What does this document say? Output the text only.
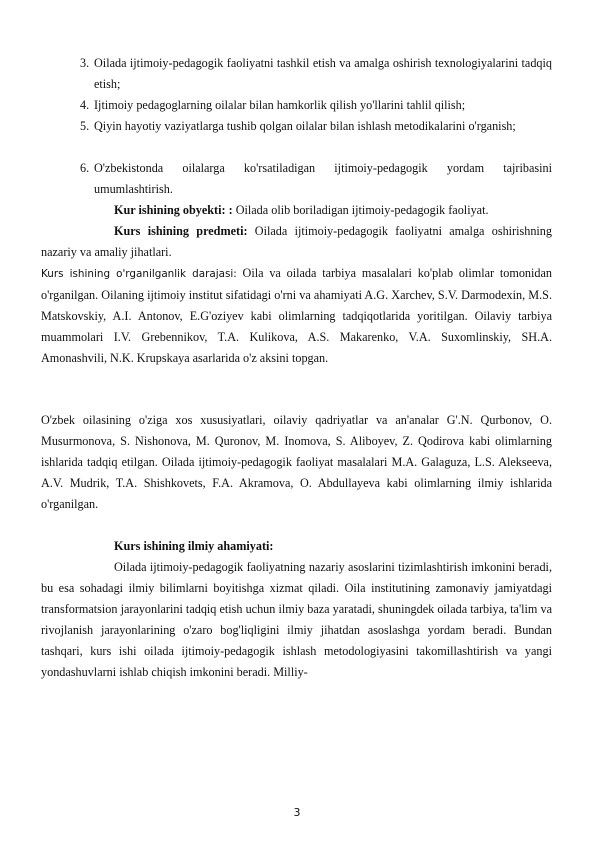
3. Oilada ijtimoiy-pedagogik faoliyatni tashkil etish va amalga oshirish texnologiyalarini tadqiq etish;

4. Ijtimoiy pedagoglarning oilalar bilan hamkorlik qilish yo'llarini tahlil qilish;

5. Qiyin hayotiy vaziyatlarga tushib qolgan oilalar bilan ishlash metodikalarini o'rganish;

6. O'zbekistonda oilalarga ko'rsatiladigan ijtimoiy-pedagogik yordam tajribasini umumlashtirish.

Kur ishining obyekti: : Oilada olib boriladigan ijtimoiy-pedagogik faoliyat.

Kurs ishining predmeti: Oilada ijtimoiy-pedagogik faoliyatni amalga oshirishning nazariy va amaliy jihatlari.

Kurs ishining o'rganilganlik darajasi: Oila va oilada tarbiya masalalari ko'plab olimlar tomonidan o'rganilgan. Oilaning ijtimoiy institut sifatidagi o'rni va ahamiyati A.G. Xarchev, S.V. Darmodexin, M.S. Matskovskiy, A.I. Antonov, E.G'oziyev kabi olimlarning tadqiqotlarida yoritilgan. Oilaviy tarbiya muammolari I.V. Grebennikov, T.A. Kulikova, A.S. Makarenko, V.A. Suxomlinskiy, SH.A. Amonashvili, N.K. Krupskaya asarlarida o'z aksini topgan.

O'zbek oilasining o'ziga xos xususiyatlari, oilaviy qadriyatlar va an'analar G'.N. Qurbonov, O. Musurmonova, S. Nishonova, M. Quronov, M. Inomova, S. Aliboyev, Z. Qodirova kabi olimlarning ishlarida tadqiq etilgan. Oilada ijtimoiy-pedagogik faoliyat masalalari M.A. Galaguza, L.S. Alekseeva, A.V. Mudrik, T.A. Shishkovets, F.A. Akramova, O. Abdullayeva kabi olimlarning ilmiy ishlarida o'rganilgan.

Kurs ishining ilmiy ahamiyati:

Oilada ijtimoiy-pedagogik faoliyatning nazariy asoslarini tizimlashtirish imkonini beradi, bu esa sohadagi ilmiy bilimlarni boyitishga xizmat qiladi. Oila institutining zamonaviy jamiyatdagi transformatsion jarayonlarini tadqiq etish uchun ilmiy baza yaratadi, shuningdek oilada tarbiya, ta'lim va rivojlanish jarayonlarining o'zaro bog'liqligini ilmiy jihatdan asoslashga yordam beradi. Bundan tashqari, kurs ishi oilada ijtimoiy-pedagogik ishlash metodologiyasini takomillashtirish va yangi yondashuvlarni ishlab chiqish imkonini beradi. Milliy-

3
